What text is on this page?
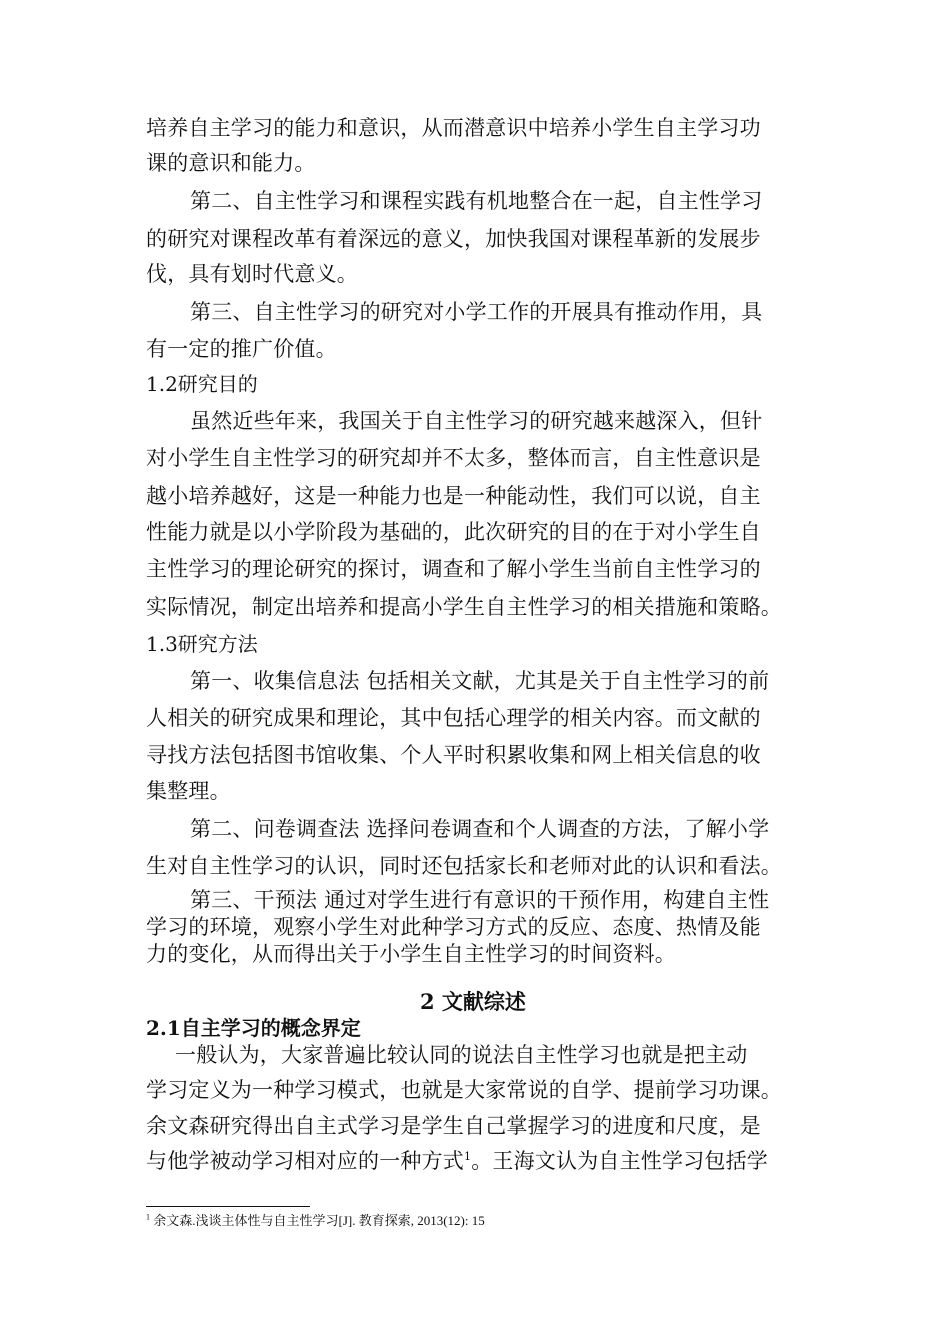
培养自主学习的能力和意识，从而潜意识中培养小学生自主学习功
课的意识和能力。
第二、自主性学习和课程实践有机地整合在一起，自主性学习
的研究对课程改革有着深远的意义，加快我国对课程革新的发展步
伐，具有划时代意义。
第三、自主性学习的研究对小学工作的开展具有推动作用，具
有一定的推广价值。
1.2研究目的
虽然近些年来，我国关于自主性学习的研究越来越深入，但针
对小学生自主性学习的研究却并不太多，整体而言，自主性意识是
越小培养越好，这是一种能力也是一种能动性，我们可以说，自主
性能力就是以小学阶段为基础的，此次研究的目的在于对小学生自
主性学习的理论研究的探讨，调查和了解小学生当前自主性学习的
实际情况，制定出培养和提高小学生自主性学习的相关措施和策略。
1.3研究方法
第一、收集信息法 包括相关文献，尤其是关于自主性学习的前
人相关的研究成果和理论，其中包括心理学的相关内容。而文献的
寻找方法包括图书馆收集、个人平时积累收集和网上相关信息的收
集整理。
第二、问卷调查法 选择问卷调查和个人调查的方法，了解小学
生对自主性学习的认识，同时还包括家长和老师对此的认识和看法。
第三、干预法 通过对学生进行有意识的干预作用，构建自主性
学习的环境，观察小学生对此种学习方式的反应、态度、热情及能
力的变化，从而得出关于小学生自主性学习的时间资料。
2 文献综述
2.1自主学习的概念界定
一般认为，大家普遍比较认同的说法自主性学习也就是把主动
学习定义为一种学习模式，也就是大家常说的自学、提前学习功课。
余文森研究得出自主式学习是学生自己掌握学习的进度和尺度，是
与他学被动学习相对应的一种方式$^1$。王海文认为自主性学习包括学
$^1$ 余文森.浅谈主体性与自主性学习[J]. 教育探索, 2013(12): 15
